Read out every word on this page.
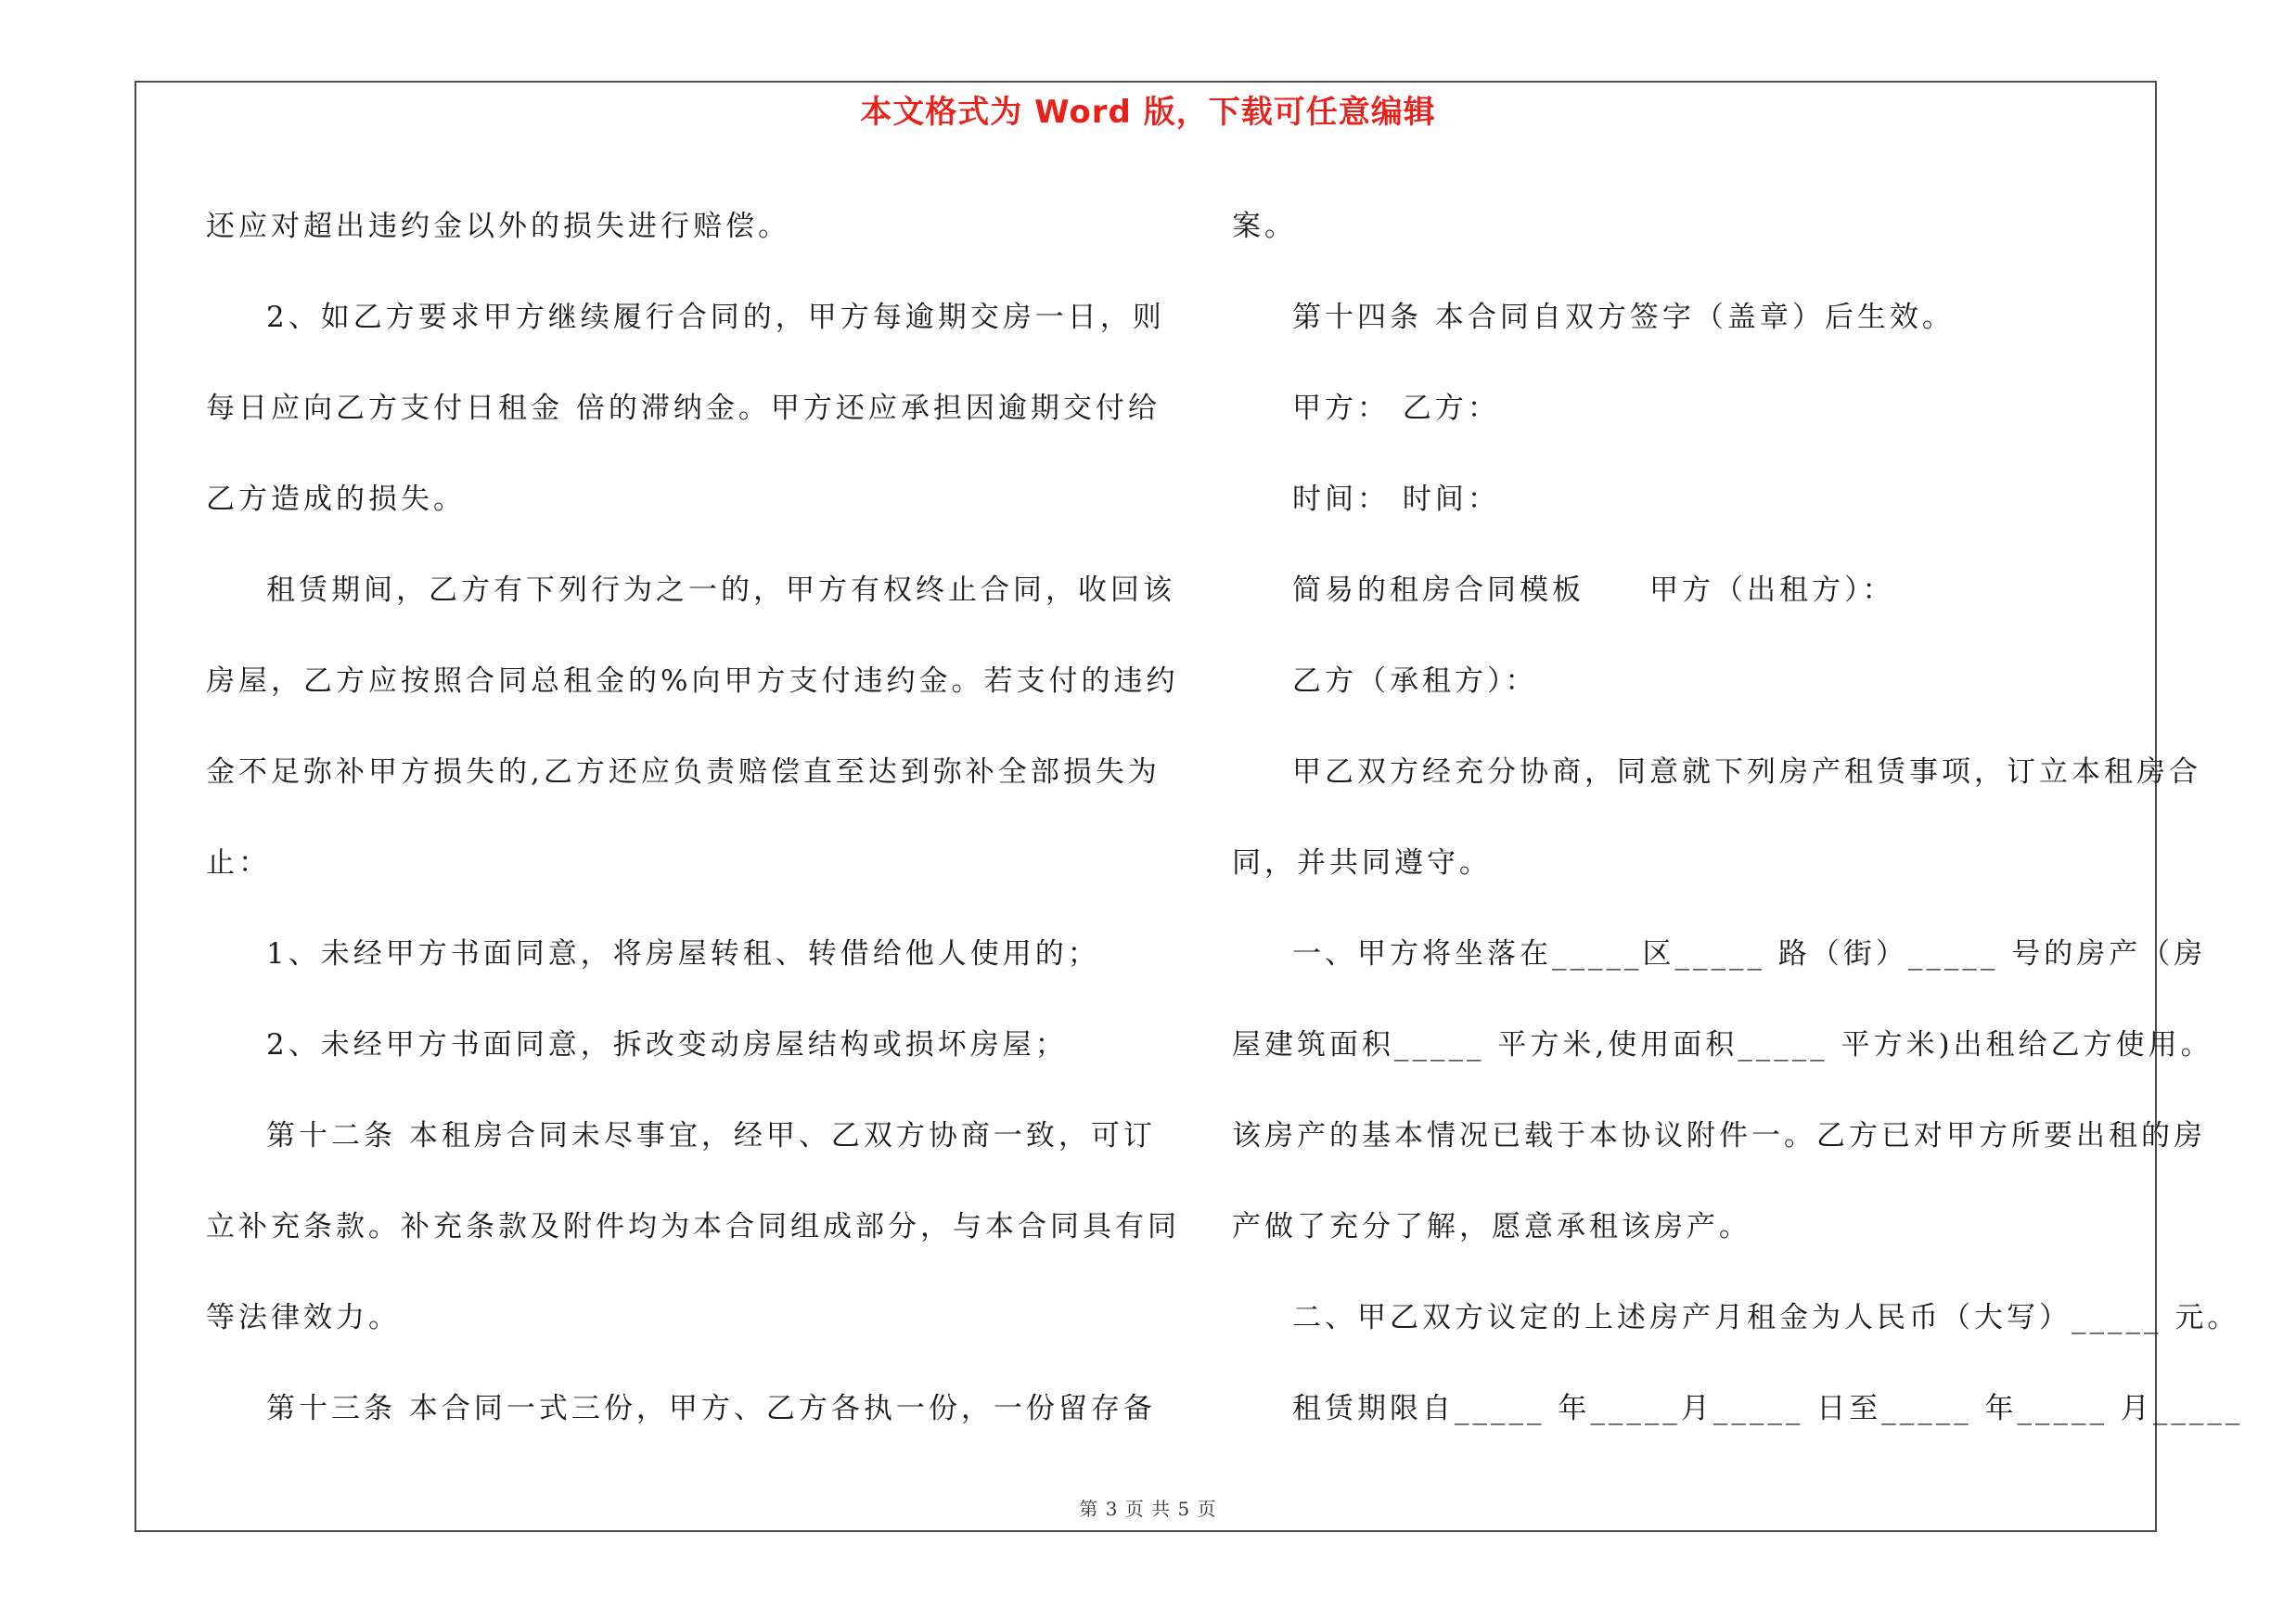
本文格式为 Word 版，下载可任意编辑
还应对超出违约金以外的损失进行赔偿。
2、如乙方要求甲方继续履行合同的，甲方每逾期交房一日，则
每日应向乙方支付日租金 倍的滞纳金。甲方还应承担因逾期交付给
乙方造成的损失。
租赁期间，乙方有下列行为之一的，甲方有权终止合同，收回该
房屋，乙方应按照合同总租金的%向甲方支付违约金。若支付的违约
金不足弥补甲方损失的,乙方还应负责赔偿直至达到弥补全部损失为
止：
1、未经甲方书面同意，将房屋转租、转借给他人使用的；
2、未经甲方书面同意，拆改变动房屋结构或损坏房屋；
第十二条 本租房合同未尽事宜，经甲、乙双方协商一致，可订
立补充条款。补充条款及附件均为本合同组成部分，与本合同具有同
等法律效力。
第十三条 本合同一式三份，甲方、乙方各执一份，一份留存备
案。
第十四条 本合同自双方签字（盖章）后生效。
甲方： 乙方：
时间： 时间：
简易的租房合同模板 甲方（出租方）：
乙方（承租方）：
甲乙双方经充分协商，同意就下列房产租赁事项，订立本租房合
同，并共同遵守。
一、甲方将坐落在_____区_____ 路（街）_____ 号的房产（房
屋建筑面积_____ 平方米,使用面积_____ 平方米)出租给乙方使用。
该房产的基本情况已载于本协议附件一。乙方已对甲方所要出租的房
产做了充分了解，愿意承租该房产。
二、甲乙双方议定的上述房产月租金为人民币（大写）_____ 元。
租赁期限自_____ 年_____月_____ 日至_____ 年_____ 月_____
第 3 页 共 5 页
